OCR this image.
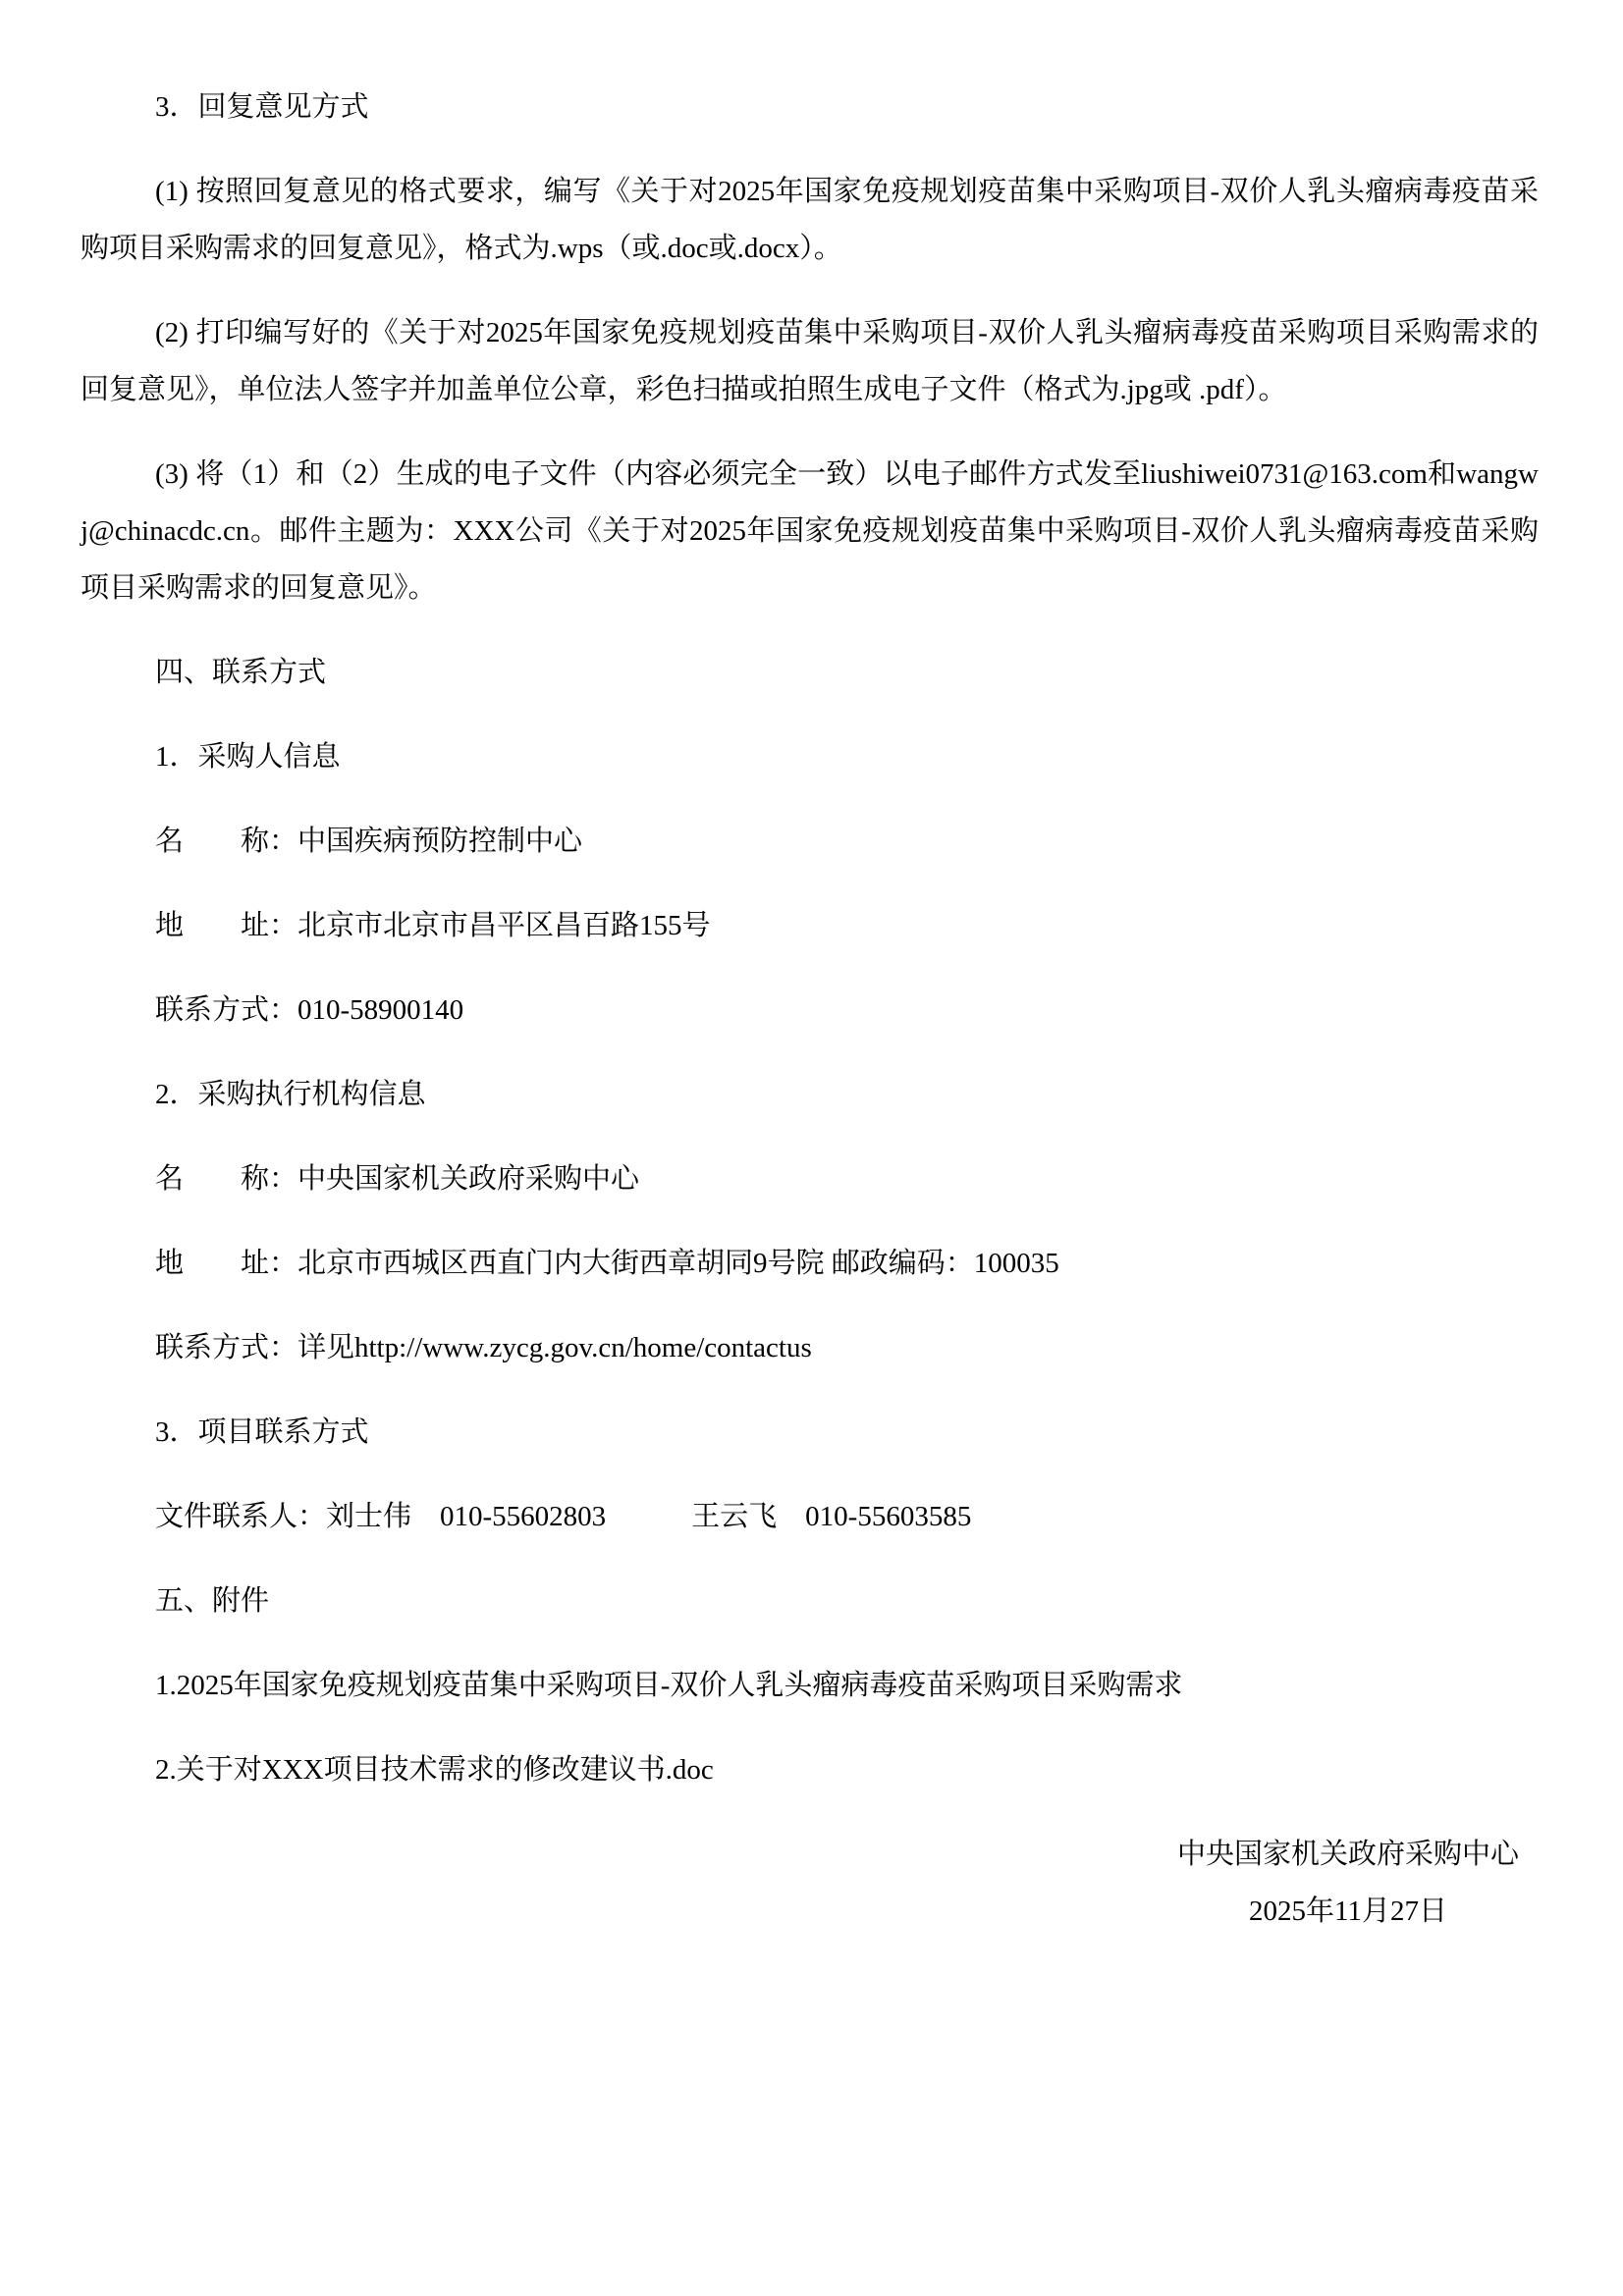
3．回复意见方式

(1) 按照回复意见的格式要求，编写《关于对2025年国家免疫规划疫苗集中采购项目-双价人乳头瘤病毒疫苗采购项目采购需求的回复意见》，格式为.wps（或.doc或.docx）。

(2) 打印编写好的《关于对2025年国家免疫规划疫苗集中采购项目-双价人乳头瘤病毒疫苗采购项目采购需求的回复意见》，单位法人签字并加盖单位公章，彩色扫描或拍照生成电子文件（格式为.jpg或 .pdf）。

(3) 将（1）和（2）生成的电子文件（内容必须完全一致）以电子邮件方式发至liushiwei0731@163.com和wangwj@chinacdc.cn。邮件主题为：XXX公司《关于对2025年国家免疫规划疫苗集中采购项目-双价人乳头瘤病毒疫苗采购项目采购需求的回复意见》。

四、联系方式

1．采购人信息

名　　称：中国疾病预防控制中心

地　　址：北京市北京市昌平区昌百路155号

联系方式：010-58900140

2．采购执行机构信息

名　　称：中央国家机关政府采购中心

地　　址：北京市西城区西直门内大街西章胡同9号院 邮政编码：100035

联系方式：详见http://www.zycg.gov.cn/home/contactus

3．项目联系方式

文件联系人：刘士伟　010-55602803　　　王云飞　010-55603585

五、附件

1.2025年国家免疫规划疫苗集中采购项目-双价人乳头瘤病毒疫苗采购项目采购需求

2.关于对XXX项目技术需求的修改建议书.doc

中央国家机关政府采购中心

2025年11月27日
